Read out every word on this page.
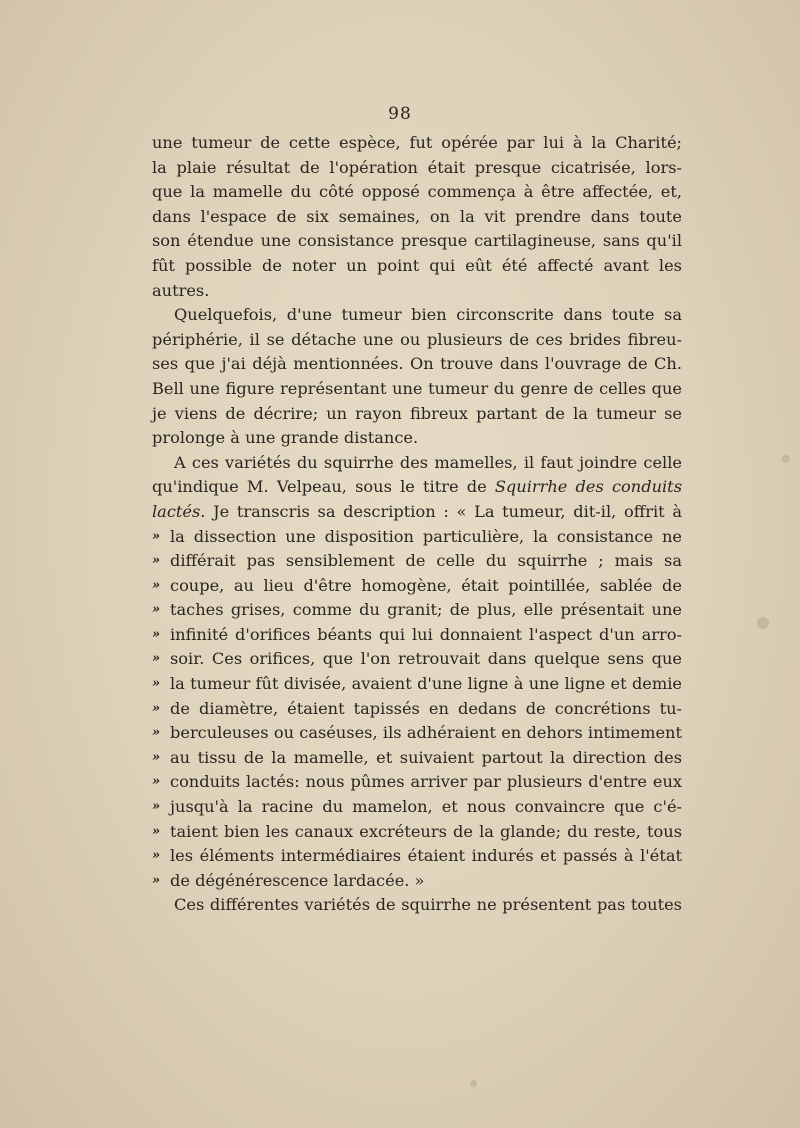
98
une tumeur de cette espèce, fut opérée par lui à la Charité;
la plaie résultat de l'opération était presque cicatrisée, lors-
que la mamelle du côté opposé commença à être affectée, et,
dans l'espace de six semaines, on la vit prendre dans toute
son étendue une consistance presque cartilagineuse, sans qu'il
fût possible de noter un point qui eût été affecté avant les
autres.
Quelquefois, d'une tumeur bien circonscrite dans toute sa
périphérie, il se détache une ou plusieurs de ces brides fibreu-
ses que j'ai déjà mentionnées. On trouve dans l'ouvrage de Ch.
Bell une figure représentant une tumeur du genre de celles que
je viens de décrire; un rayon fibreux partant de la tumeur se
prolonge à une grande distance.
A ces variétés du squirrhe des mamelles, il faut joindre celle
qu'indique M. Velpeau, sous le titre de Squirrhe des conduits
lactés. Je transcris sa description : « La tumeur, dit-il, offrit à
» la dissection une disposition particulière, la consistance ne
» différait pas sensiblement de celle du squirrhe ; mais sa
» coupe, au lieu d'être homogène, était pointillée, sablée de
» taches grises, comme du granit; de plus, elle présentait une
» infinité d'orifices béants qui lui donnaient l'aspect d'un arro-
» soir. Ces orifices, que l'on retrouvait dans quelque sens que
» la tumeur fût divisée, avaient d'une ligne à une ligne et demie
» de diamètre, étaient tapissés en dedans de concrétions tu-
» berculeuses ou caséuses, ils adhéraient en dehors intimement
» au tissu de la mamelle, et suivaient partout la direction des
» conduits lactés: nous pûmes arriver par plusieurs d'entre eux
» jusqu'à la racine du mamelon, et nous convaincre que c'é-
» taient bien les canaux excréteurs de la glande; du reste, tous
» les éléments intermédiaires étaient indurés et passés à l'état
» de dégénérescence lardacée. »
Ces différentes variétés de squirrhe ne présentent pas toutes
